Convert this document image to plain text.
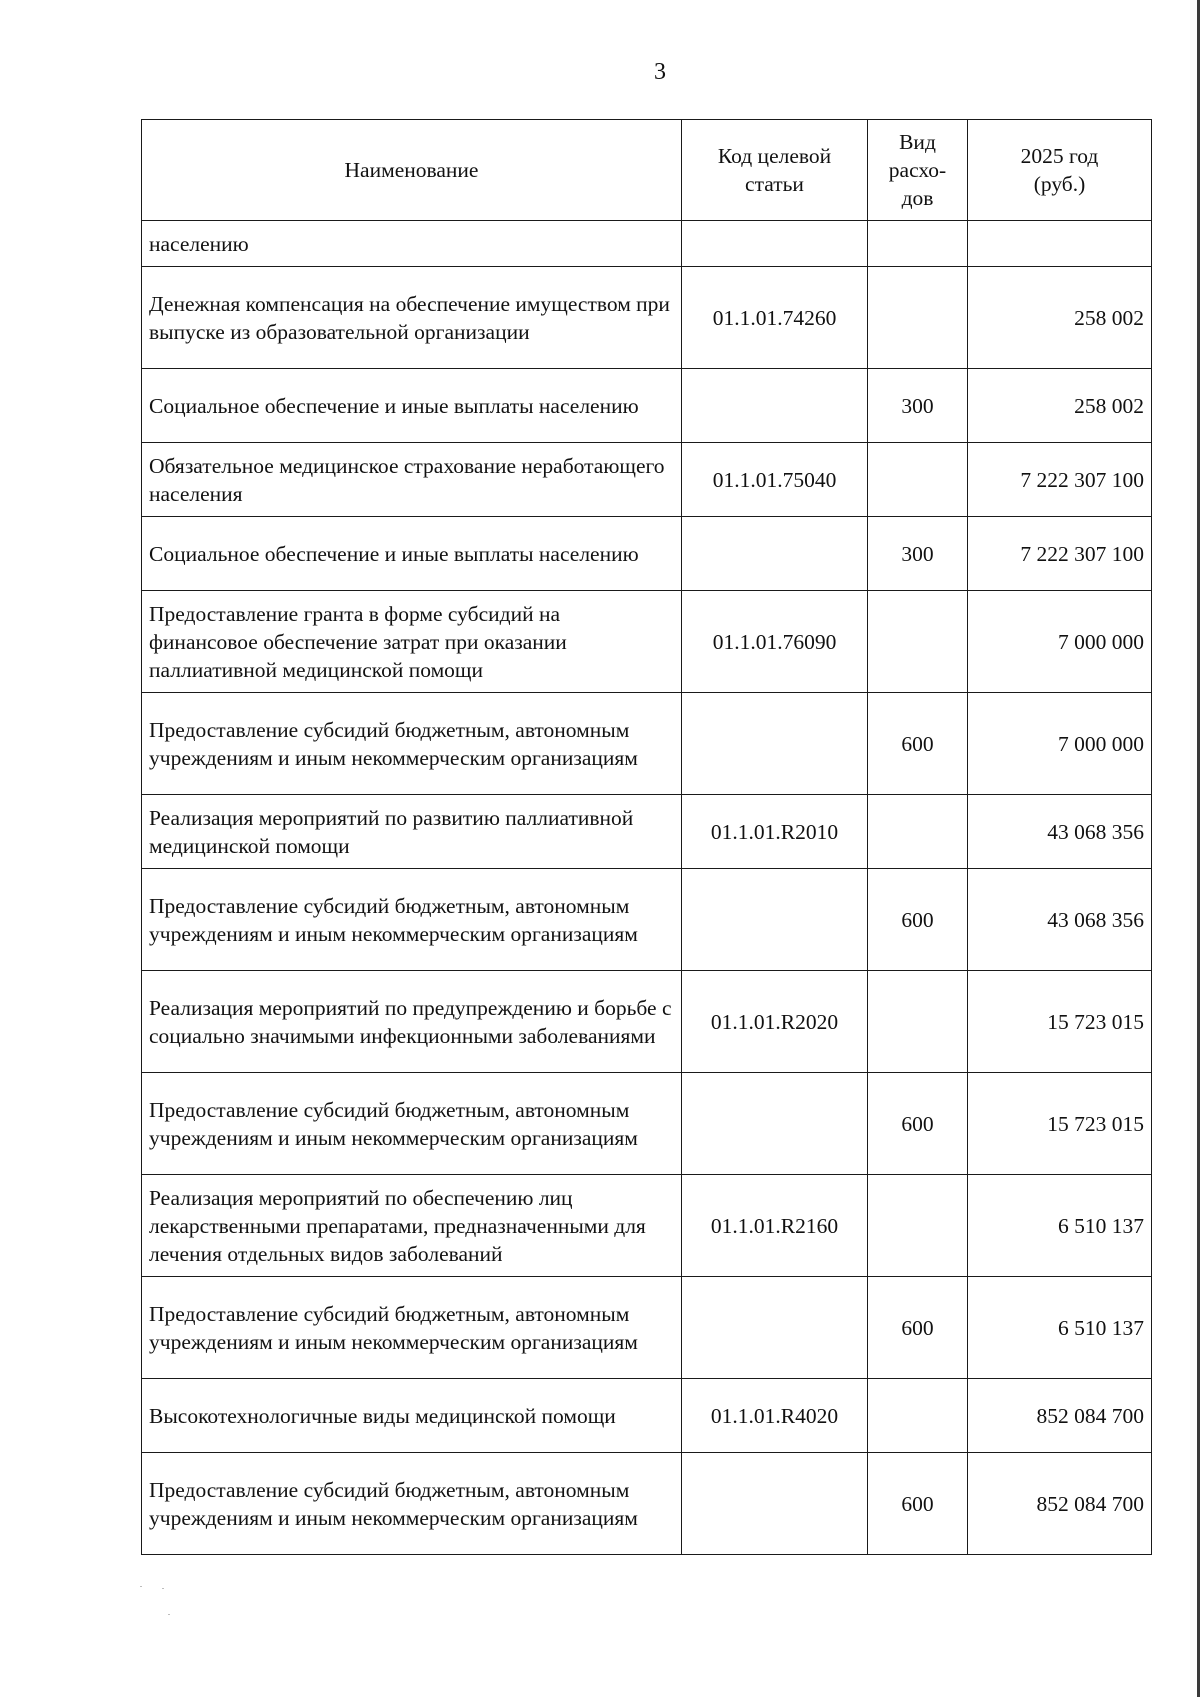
3
Наименование	Код целевой статьи	Вид расхо-дов	2025 год (руб.)
населению			
Денежная компенсация на обеспечение имуществом при выпуске из образовательной организации	01.1.01.74260		258 002
Социальное обеспечение и иные выплаты населению		300	258 002
Обязательное медицинское страхование неработающего населения	01.1.01.75040		7 222 307 100
Социальное обеспечение и иные выплаты населению		300	7 222 307 100
Предоставление гранта в форме субсидий на финансовое обеспечение затрат при оказании паллиативной медицинской помощи	01.1.01.76090		7 000 000
Предоставление субсидий бюджетным, автономным учреждениям и иным некоммерческим организациям		600	7 000 000
Реализация мероприятий по развитию паллиативной медицинской помощи	01.1.01.R2010		43 068 356
Предоставление субсидий бюджетным, автономным учреждениям и иным некоммерческим организациям		600	43 068 356
Реализация мероприятий по предупреждению и борьбе с социально значимыми инфекционными заболеваниями	01.1.01.R2020		15 723 015
Предоставление субсидий бюджетным, автономным учреждениям и иным некоммерческим организациям		600	15 723 015
Реализация мероприятий по обеспечению лиц лекарственными препаратами, предназначенными для лечения отдельных видов заболеваний	01.1.01.R2160		6 510 137
Предоставление субсидий бюджетным, автономным учреждениям и иным некоммерческим организациям		600	6 510 137
Высокотехнологичные виды медицинской помощи	01.1.01.R4020		852 084 700
Предоставление субсидий бюджетным, автономным учреждениям и иным некоммерческим организациям		600	852 084 700
